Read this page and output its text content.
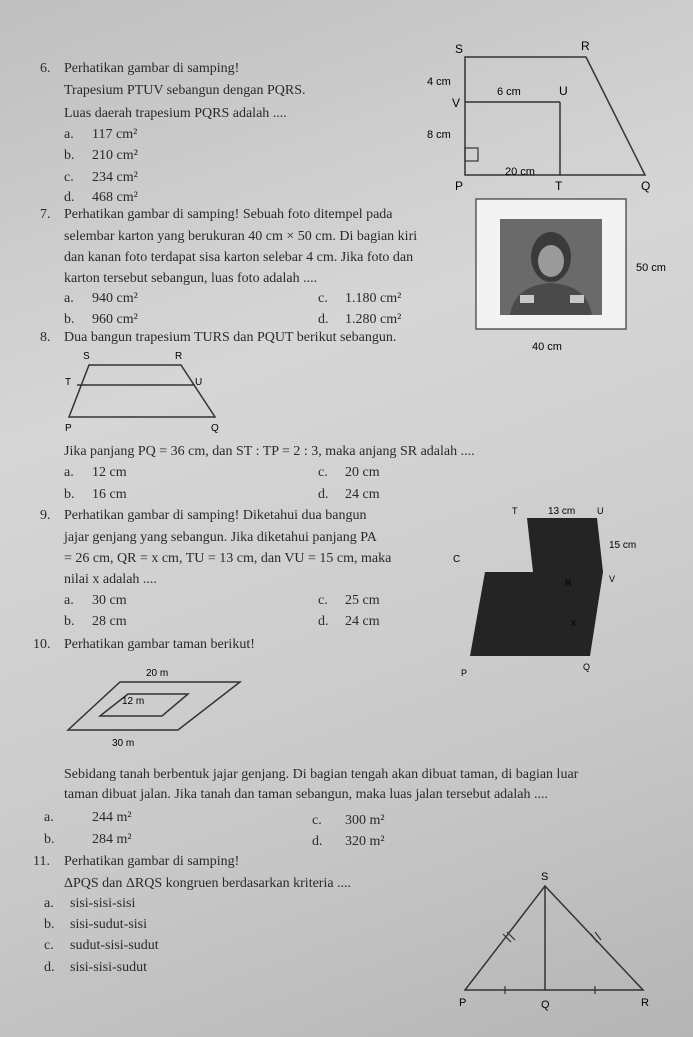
6. Perhatikan gambar di samping!
Trapesium PTUV sebangun dengan PQRS.
Luas daerah trapesium PQRS adalah ....
a. 117 cm²
b. 210 cm²
c. 234 cm²
d. 468 cm²
S	R
V
U
P	T	Q
4 cm
6 cm
8 cm
20 cm
7. Perhatikan gambar di samping! Sebuah foto ditempel pada
selembar karton yang berukuran 40 cm × 50 cm. Di bagian kiri
dan kanan foto terdapat sisa karton selebar 4 cm. Jika foto dan
karton tersebut sebangun, luas foto adalah ....
a. 940 cm²
b. 960 cm²
c. 1.180 cm²
d. 1.280 cm²
50 cm
40 cm
8. Dua bangun trapesium TURS dan PQUT berikut sebangun.
S	R
T	U
P	Q
Jika panjang PQ = 36 cm, dan ST : TP = 2 : 3, maka anjang SR adalah ....
a. 12 cm
b. 16 cm
c. 20 cm
d. 24 cm
9. Perhatikan gambar di samping! Diketahui dua bangun
jajar genjang yang sebangun. Jika diketahui panjang PA
= 26 cm, QR = x cm, TU = 13 cm, dan VU = 15 cm, maka
nilai x adalah ....
a. 30 cm
b. 28 cm
c. 25 cm
d. 24 cm
T	U
C
V
R
Q
P
x
13 cm
15 cm
10. Perhatikan gambar taman berikut!
20 m
12 m
30 m
Sebidang tanah berbentuk jajar genjang. Di bagian tengah akan dibuat taman, di bagian luar
taman dibuat jalan. Jika tanah dan taman sebangun, maka luas jalan tersebut adalah ....
a.	244 m²
b.	284 m²
c. 300 m²
d. 320 m²
11. Perhatikan gambar di samping!
ΔPQS dan ΔRQS kongruen berdasarkan kriteria ....
a. sisi-sisi-sisi
b. sisi-sudut-sisi
c. sudut-sisi-sudut
d. sisi-sisi-sudut
S
P	Q	R
